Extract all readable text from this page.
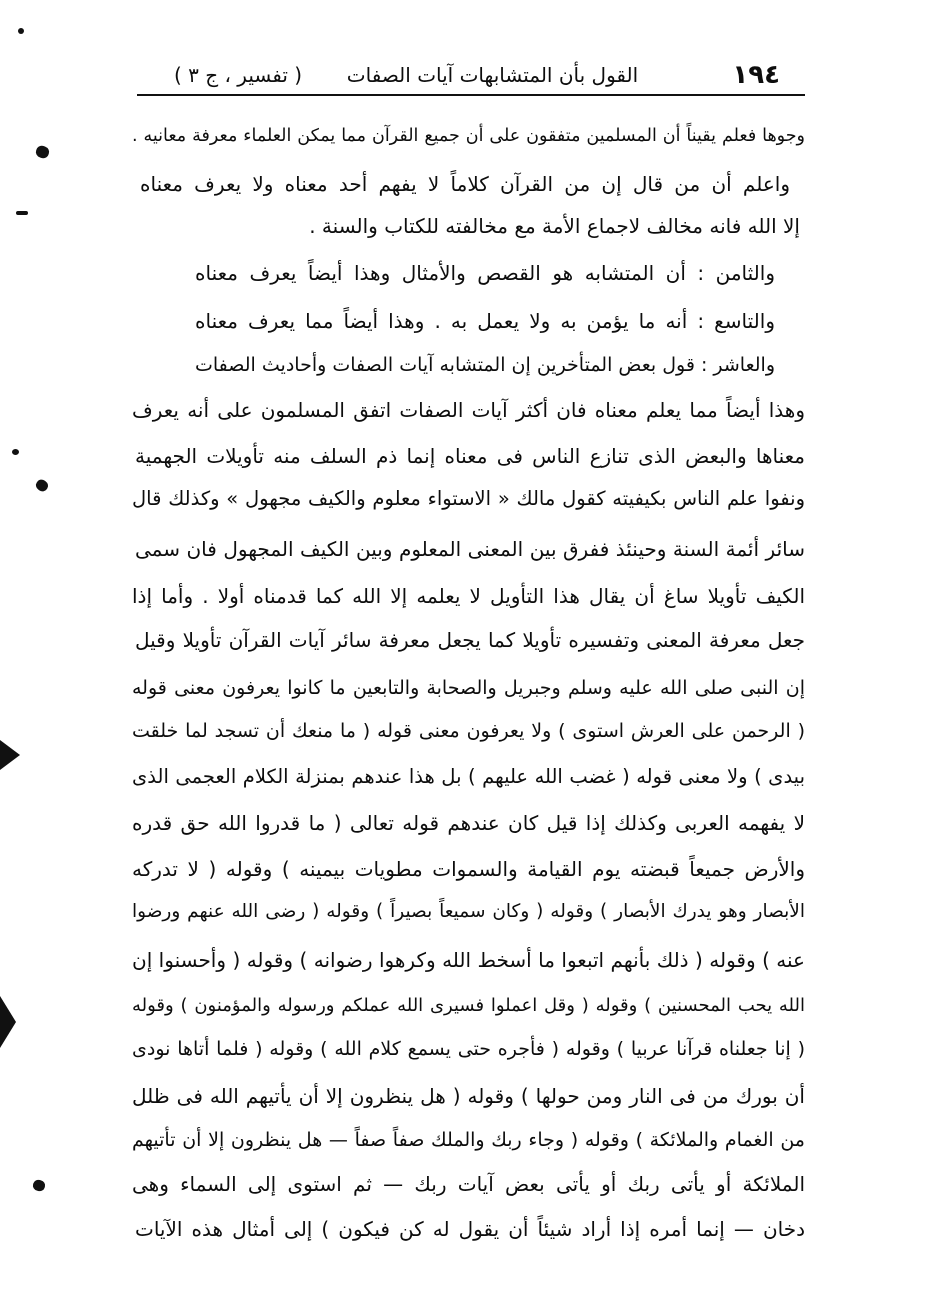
١٩٤
القول بأن المتشابهات آيات الصفات
( تفسير ، ج ٣ )
وجوها فعلم يقيناً أن المسلمين متفقون على أن جميع القرآن مما يمكن العلماء معرفة معانيه .
واعلم أن من قال إن من القرآن كلاماً لا يفهم أحد معناه ولا يعرف معناه
إلا الله فانه مخالف لاجماع الأمة مع مخالفته للكتاب والسنة .
والثامن : أن المتشابه هو القصص والأمثال وهذا أيضاً يعرف معناه
والتاسع : أنه ما يؤمن به ولا يعمل به . وهذا أيضاً مما يعرف معناه
والعاشر : قول بعض المتأخرين إن المتشابه آيات الصفات وأحاديث الصفات
وهذا أيضاً مما يعلم معناه فان أكثر آيات الصفات اتفق المسلمون على أنه يعرف
معناها والبعض الذى تنازع الناس فى معناه إنما ذم السلف منه تأويلات الجهمية
ونفوا علم الناس بكيفيته كقول مالك « الاستواء معلوم والكيف مجهول » وكذلك قال
سائر أئمة السنة وحينئذ ففرق بين المعنى المعلوم وبين الكيف المجهول فان سمى
الكيف تأويلا ساغ أن يقال هذا التأويل لا يعلمه إلا الله كما قدمناه أولا . وأما إذا
جعل معرفة المعنى وتفسيره تأويلا كما يجعل معرفة سائر آيات القرآن تأويلا وقيل
إن النبى صلى الله عليه وسلم وجبريل والصحابة والتابعين ما كانوا يعرفون معنى قوله
( الرحمن على العرش استوى ) ولا يعرفون معنى قوله ( ما منعك أن تسجد لما خلقت
بيدى ) ولا معنى قوله ( غضب الله عليهم ) بل هذا عندهم بمنزلة الكلام العجمى الذى
لا يفهمه العربى وكذلك إذا قيل كان عندهم قوله تعالى ( ما قدروا الله حق قدره
والأرض جميعاً قبضته يوم القيامة والسموات مطويات بيمينه ) وقوله ( لا تدركه
الأبصار وهو يدرك الأبصار ) وقوله ( وكان سميعاً بصيراً ) وقوله ( رضى الله عنهم ورضوا
عنه ) وقوله ( ذلك بأنهم اتبعوا ما أسخط الله وكرهوا رضوانه ) وقوله ( وأحسنوا إن
الله يحب المحسنين ) وقوله ( وقل اعملوا فسيرى الله عملكم ورسوله والمؤمنون ) وقوله
( إنا جعلناه قرآنا عربيا ) وقوله ( فأجره حتى يسمع كلام الله ) وقوله ( فلما أتاها نودى
أن بورك من فى النار ومن حولها ) وقوله ( هل ينظرون إلا أن يأتيهم الله فى ظلل
من الغمام والملائكة ) وقوله ( وجاء ربك والملك صفاً صفاً — هل ينظرون إلا أن تأتيهم
الملائكة أو يأتى ربك أو يأتى بعض آيات ربك — ثم استوى إلى السماء وهى
دخان — إنما أمره إذا أراد شيئاً أن يقول له كن فيكون ) إلى أمثال هذه الآيات
